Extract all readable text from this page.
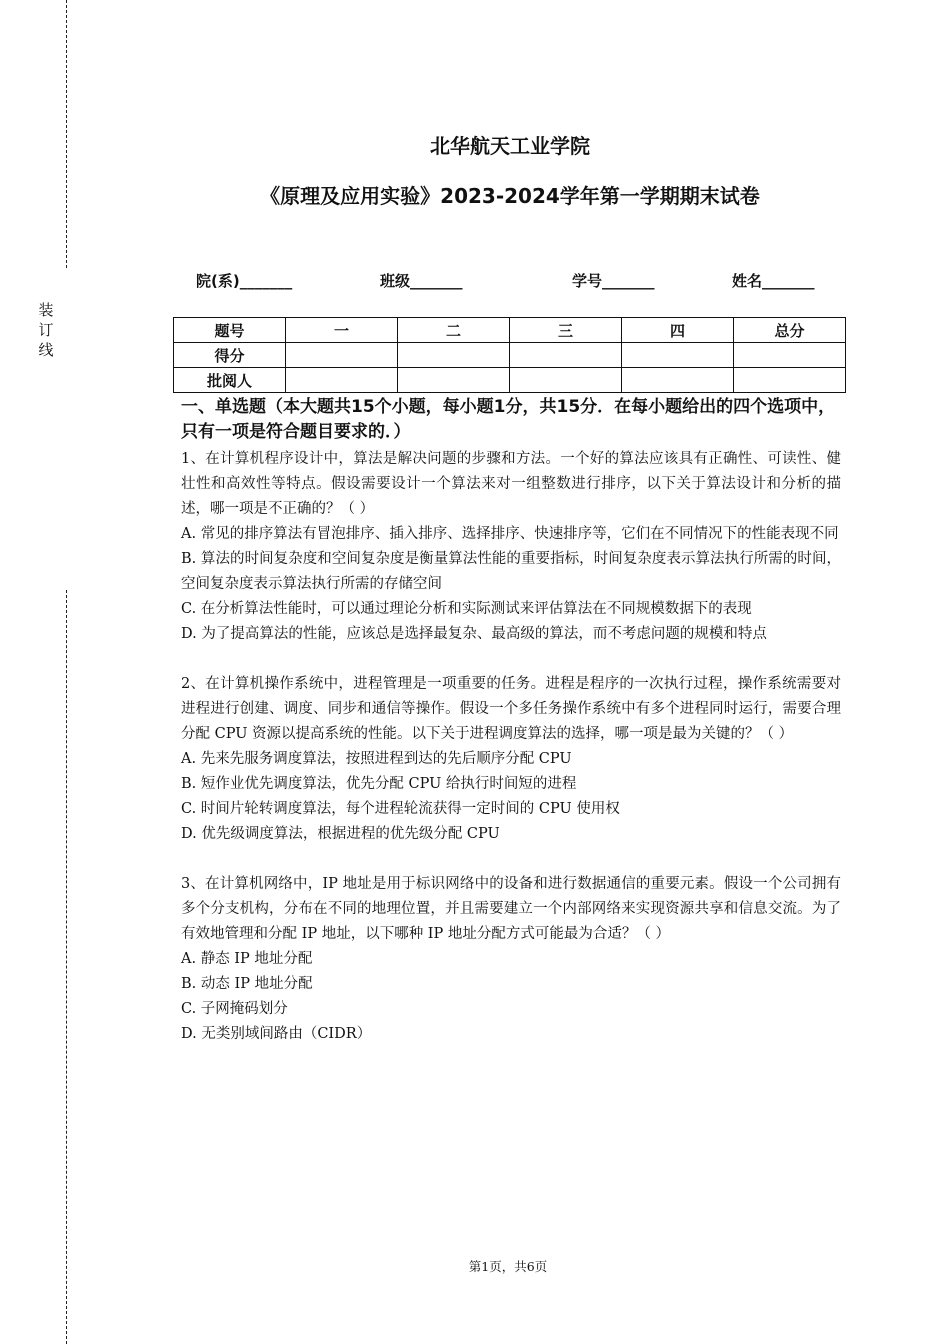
装
订
线
北华航天工业学院
《原理及应用实验》2023-2024学年第一学期期末试卷
院(系)_______	班级_______	学号_______	姓名_______
题号	一	二	三	四	总分
得分					
批阅人					
一、单选题（本大题共15个小题，每小题1分，共15分．在每小题给出的四个选项中，只有一项是符合题目要求的．）

1、在计算机程序设计中，算法是解决问题的步骤和方法。一个好的算法应该具有正确性、可读性、健壮性和高效性等特点。假设需要设计一个算法来对一组整数进行排序，以下关于算法设计和分析的描述，哪一项是不正确的？（ ）

A. 常见的排序算法有冒泡排序、插入排序、选择排序、快速排序等，它们在不同情况下的性能表现不同

B. 算法的时间复杂度和空间复杂度是衡量算法性能的重要指标，时间复杂度表示算法执行所需的时间，空间复杂度表示算法执行所需的存储空间

C. 在分析算法性能时，可以通过理论分析和实际测试来评估算法在不同规模数据下的表现

D. 为了提高算法的性能，应该总是选择最复杂、最高级的算法，而不考虑问题的规模和特点

2、在计算机操作系统中，进程管理是一项重要的任务。进程是程序的一次执行过程，操作系统需要对进程进行创建、调度、同步和通信等操作。假设一个多任务操作系统中有多个进程同时运行，需要合理分配 CPU 资源以提高系统的性能。以下关于进程调度算法的选择，哪一项是最为关键的？（ ）

A. 先来先服务调度算法，按照进程到达的先后顺序分配 CPU

B. 短作业优先调度算法，优先分配 CPU 给执行时间短的进程

C. 时间片轮转调度算法，每个进程轮流获得一定时间的 CPU 使用权

D. 优先级调度算法，根据进程的优先级分配 CPU

3、在计算机网络中，IP 地址是用于标识网络中的设备和进行数据通信的重要元素。假设一个公司拥有多个分支机构，分布在不同的地理位置，并且需要建立一个内部网络来实现资源共享和信息交流。为了有效地管理和分配 IP 地址，以下哪种 IP 地址分配方式可能最为合适？（ ）

A. 静态 IP 地址分配

B. 动态 IP 地址分配

C. 子网掩码划分

D. 无类别域间路由（CIDR）

第1页，共6页
